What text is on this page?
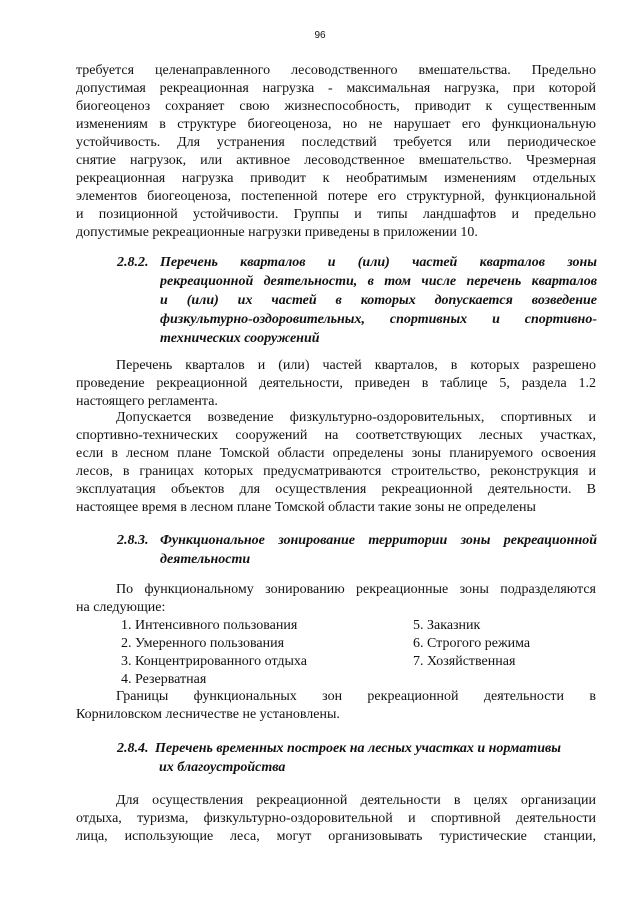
96
требуется целенаправленного лесоводственного вмешательства. Предельно
допустимая рекреационная нагрузка - максимальная нагрузка, при которой
биогеоценоз сохраняет свою жизнеспособность, приводит к существенным
изменениям в структуре биогеоценоза, но не нарушает его функциональную
устойчивость. Для устранения последствий требуется или периодическое
снятие нагрузок, или активное лесоводственное вмешательство. Чрезмерная
рекреационная нагрузка приводит к необратимым изменениям отдельных
элементов биогеоценоза, постепенной потере его структурной, функциональной
и позиционной устойчивости. Группы и типы ландшафтов и предельно
допустимые рекреационные нагрузки приведены в приложении 10.
2.8.2. Перечень кварталов и (или) частей кварталов зоны
рекреационной деятельности, в том числе перечень кварталов
и (или) их частей в которых допускается возведение
физкультурно-оздоровительных, спортивных и спортивно-
технических сооружений
Перечень кварталов и (или) частей кварталов, в которых разрешено
проведение рекреационной деятельности, приведен в таблице 5, раздела 1.2
настоящего регламента.
Допускается возведение физкультурно-оздоровительных, спортивных и
спортивно-технических сооружений на соответствующих лесных участках,
если в лесном плане Томской области определены зоны планируемого освоения
лесов, в границах которых предусматриваются строительство, реконструкция и
эксплуатация объектов для осуществления рекреационной деятельности. В
настоящее время в лесном плане Томской области такие зоны не определены
2.8.3. Функциональное зонирование территории зоны рекреационной
деятельности
По функциональному зонированию рекреационные зоны подразделяются
на следующие:
1. Интенсивного пользования
2. Умеренного пользования
3. Концентрированного отдыха
4. Резерватная
5. Заказник
6. Строгого режима
7. Хозяйственная
Границы функциональных зон рекреационной деятельности в
Корниловском лесничестве не установлены.
2.8.4. Перечень временных построек на лесных участках и нормативы
их благоустройства
Для осуществления рекреационной деятельности в целях организации
отдыха, туризма, физкультурно-оздоровительной и спортивной деятельности
лица, использующие леса, могут организовывать туристические станции,
